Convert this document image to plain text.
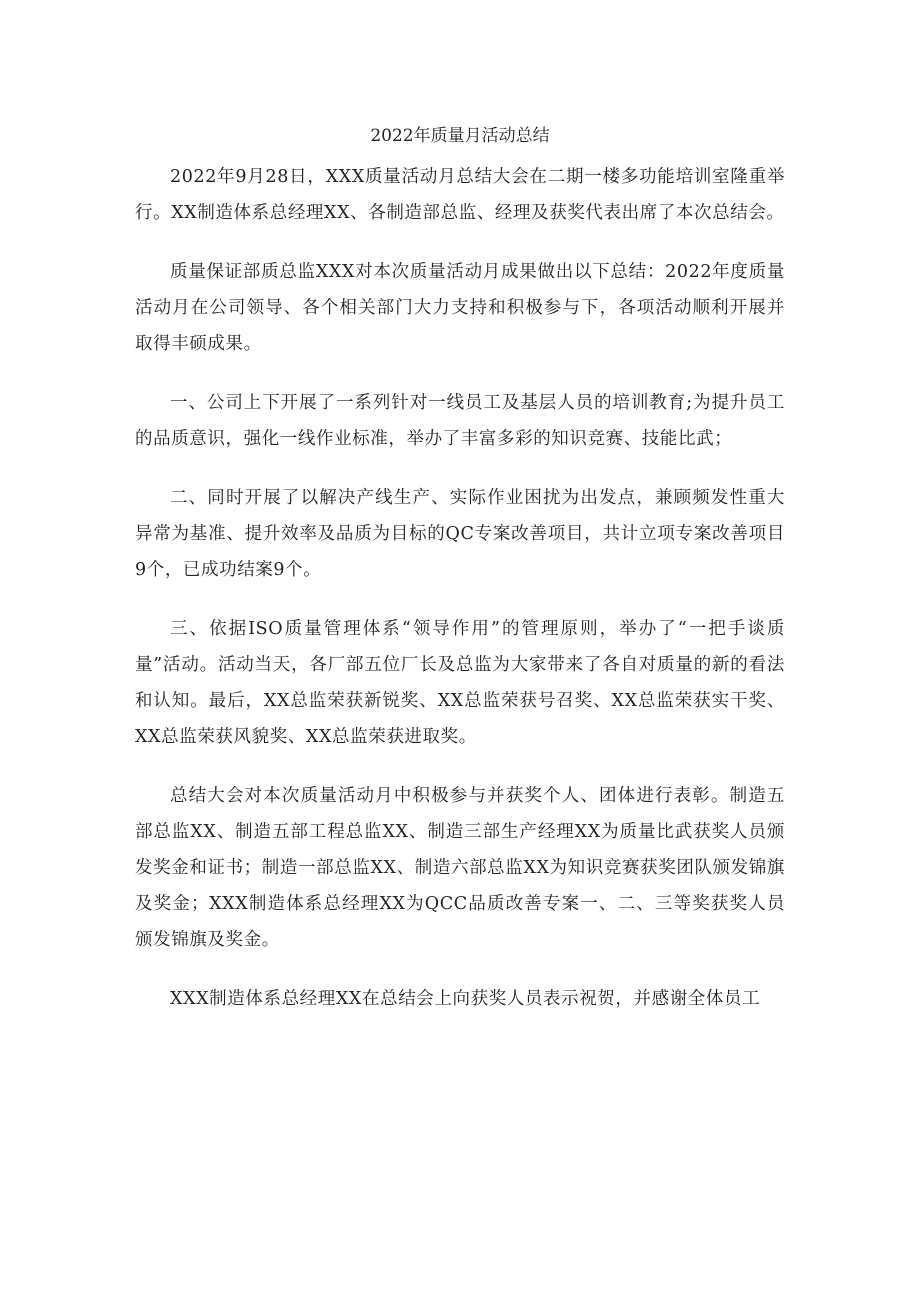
2022年质量月活动总结

2022年9月28日，XXX质量活动月总结大会在二期一楼多功能培训室隆重举行。XX制造体系总经理XX、各制造部总监、经理及获奖代表出席了本次总结会。

质量保证部质总监XXX对本次质量活动月成果做出以下总结：2022年度质量活动月在公司领导、各个相关部门大力支持和积极参与下，各项活动顺利开展并取得丰硕成果。

一、公司上下开展了一系列针对一线员工及基层人员的培训教育;为提升员工的品质意识，强化一线作业标准，举办了丰富多彩的知识竞赛、技能比武；

二、同时开展了以解决产线生产、实际作业困扰为出发点，兼顾频发性重大异常为基准、提升效率及品质为目标的QC专案改善项目，共计立项专案改善项目9个，已成功结案9个。

三、依据ISO质量管理体系“领导作用”的管理原则，举办了“一把手谈质量”活动。活动当天，各厂部五位厂长及总监为大家带来了各自对质量的新的看法和认知。最后，XX总监荣获新锐奖、XX总监荣获号召奖、XX总监荣获实干奖、XX总监荣获风貌奖、XX总监荣获进取奖。

总结大会对本次质量活动月中积极参与并获奖个人、团体进行表彰。制造五部总监XX、制造五部工程总监XX、制造三部生产经理XX为质量比武获奖人员颁发奖金和证书；制造一部总监XX、制造六部总监XX为知识竞赛获奖团队颁发锦旗及奖金；XXX制造体系总经理XX为QCC品质改善专案一、二、三等奖获奖人员颁发锦旗及奖金。

XXX制造体系总经理XX在总结会上向获奖人员表示祝贺，并感谢全体员工
